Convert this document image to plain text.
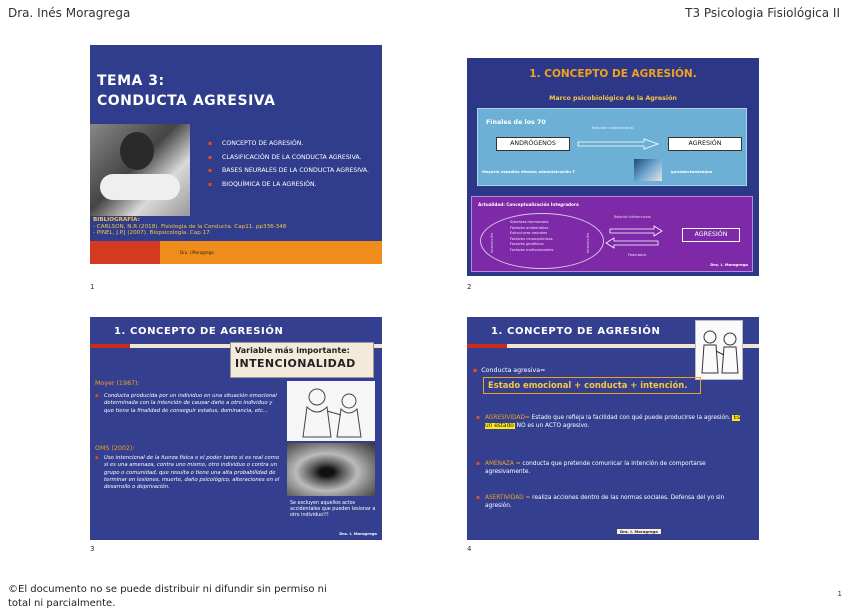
Dra. Inés Moragrega	T3 Psicologia Fisiológica II
TEMA 3:
CONDUCTA AGRESIVA
▪ CONCEPTO DE AGRESIÓN.
▪ CLASIFICACIÓN DE LA CONDUCTA AGRESIVA.
▪ BASES NEURALES DE LA CONDUCTA AGRESIVA.
▪ BIOQUÍMICA DE LA AGRESIÓN.
BIBLIOGRAFÍA:
- CARLSON, N.R (2018). Fisiología de la Conducta. Cap11. pp336-348
- PINEL, J.P.J (2007). Biopsicología. Cap 17.
Dra. I.Moragrega
1
1. CONCEPTO DE AGRESIÓN.
Marco psicobiológico de la Agresión
Finales de los 70
Relación unidireccional
ANDRÓGENOS	AGRESIÓN
Mayoría estudios efectos administración T	gonadectomizados
Actualidad: Conceptualización Integradora
Interacción	Interacción
Sistemas hormonales
Factores ambientales
Estructuras neurales
Factores neuroquímicos
Factores genéticos
Factores motivacionales
Relación bidireccional
AGRESIÓN
Feed-back
Dra. I. Moragrega
2
1. CONCEPTO DE AGRESIÓN
Variable más importante:
INTENCIONALIDAD
Moyer (1987):
▪ Conducta producida por un individuo en una situación emocional determinada con la intención de causar daño a otro individuo y que tiene la finalidad de conseguir estatus, dominancia, etc...
OMS (2002):
▪ Uso intencional de la fuerza física o el poder tanto si es real como si es una amenaza, contra uno mismo, otro individuo o contra un grupo o comunidad, que resulta o tiene una alta probabilidad de terminar en lesiones, muerte, daño psicológico, alteraciones en el desarrollo o deprivación.
Se excluyen aquellos actos accidentales que pueden lesionar a otro individuo!!!
Dra. I. Moragrega
3
1. CONCEPTO DE AGRESIÓN
▪ Conducta agresiva=
Estado emocional + conducta + intención.
▪ AGRESIVIDAD= Estado que refleja la facilidad con qué puede producirse la agresión. Es un estado NO es un ACTO agresivo.
▪ AMENAZA = conducta que pretende comunicar la intención de comportarse agresivamente.
▪ ASERTIVIDAD = realiza acciones dentro de las normas sociales. Defensa del yo sin agresión.
Dra. I. Moragrega
4
©El documento no se puede distribuir ni difundir sin permiso ni total ni parcialmente.
1
